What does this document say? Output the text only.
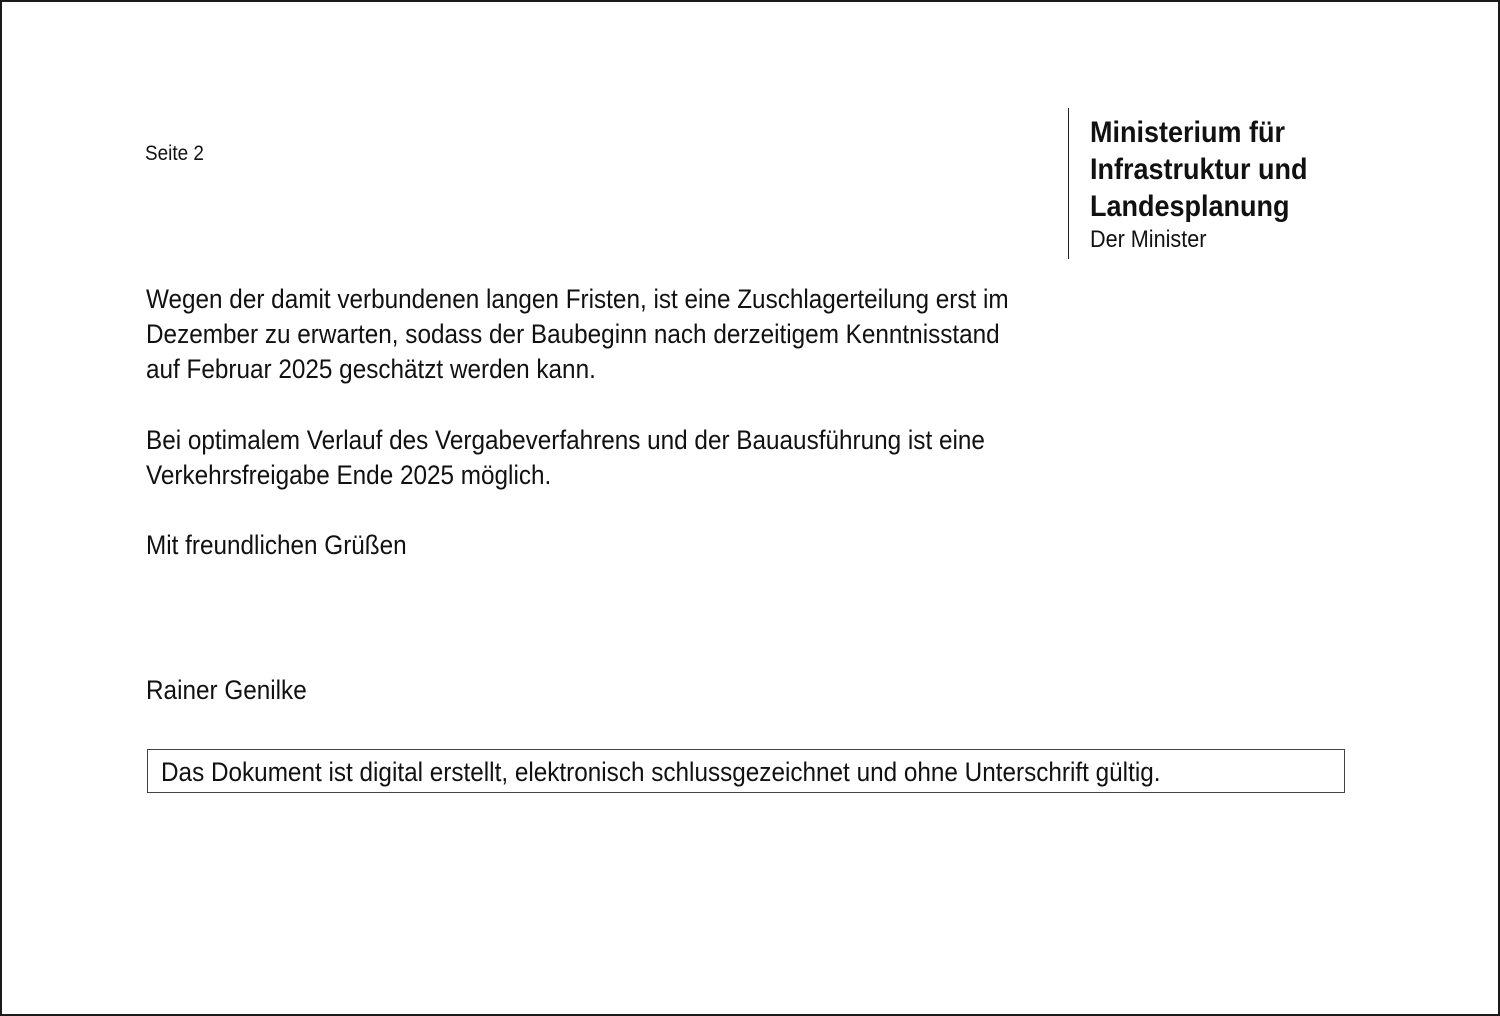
Seite 2
Ministerium für
Infrastruktur und
Landesplanung
Der Minister
Wegen der damit verbundenen langen Fristen, ist eine Zuschlagerteilung erst im
Dezember zu erwarten, sodass der Baubeginn nach derzeitigem Kenntnisstand
auf Februar 2025 geschätzt werden kann.
Bei optimalem Verlauf des Vergabeverfahrens und der Bauausführung ist eine
Verkehrsfreigabe Ende 2025 möglich.
Mit freundlichen Grüßen
Rainer Genilke
Das Dokument ist digital erstellt, elektronisch schlussgezeichnet und ohne Unterschrift gültig.
